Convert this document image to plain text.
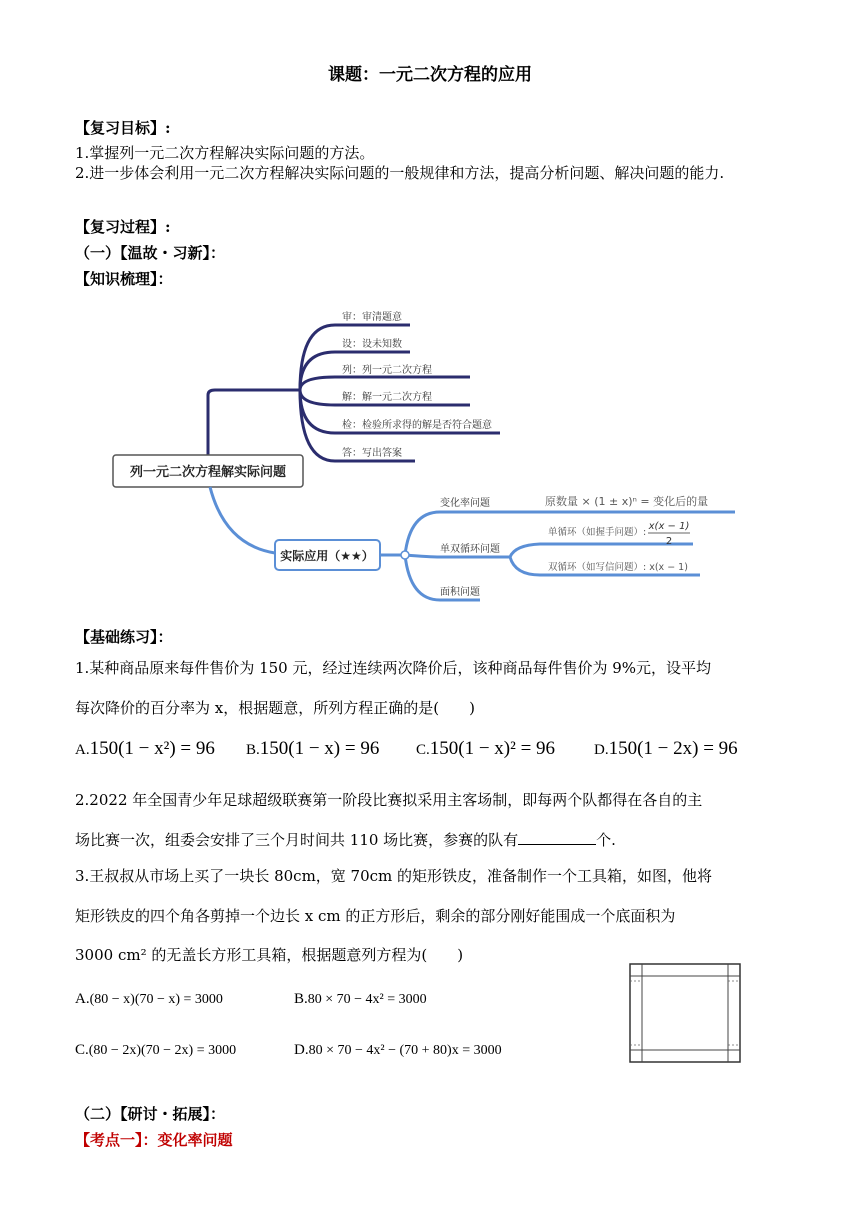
课题：一元二次方程的应用
【复习目标】:
1.掌握列一元二次方程解决实际问题的方法。
2.进一步体会利用一元二次方程解决实际问题的一般规律和方法，提高分析问题、解决问题的能力.
【复习过程】:
（一）【温故・习新】：
【知识梳理】：
列一元二次方程解实际问题
审：审清题意
设：设未知数
列：列一元二次方程
解：解一元二次方程
检：检验所求得的解是否符合题意
答：写出答案
实际应用（★★）
变化率问题
单双循环问题
面积问题
原数量 × (1 ± x)ⁿ = 变化后的量
单循环（如握手问题）:
x(x − 1)
2
双循环（如写信问题）: x(x − 1)
【基础练习】：
1.某种商品原来每件售价为 150 元，经过连续两次降价后，该种商品每件售价为 9%元，设平均
每次降价的百分率为 x，根据题意，所列方程正确的是(　　)
A.150(1 − x²) = 96 B.150(1 − x) = 96 C.150(1 − x)² = 96	D.150(1 − 2x) = 96
2.2022 年全国青少年足球超级联赛第一阶段比赛拟采用主客场制，即每两个队都得在各自的主
场比赛一次，组委会安排了三个月时间共 110 场比赛，参赛的队有	个.
3.王叔叔从市场上买了一块长 80cm，宽 70cm 的矩形铁皮，准备制作一个工具箱，如图，他将
矩形铁皮的四个角各剪掉一个边长 x cm 的正方形后，剩余的部分刚好能围成一个底面积为
3000 cm² 的无盖长方形工具箱，根据题意列方程为(　　)
A.(80 − x)(70 − x) = 3000	B.80 × 70 − 4x² = 3000
C.(80 − 2x)(70 − 2x) = 3000	D.80 × 70 − 4x² − (70 + 80)x = 3000
（二）【研讨・拓展】：
【考点一】：变化率问题
